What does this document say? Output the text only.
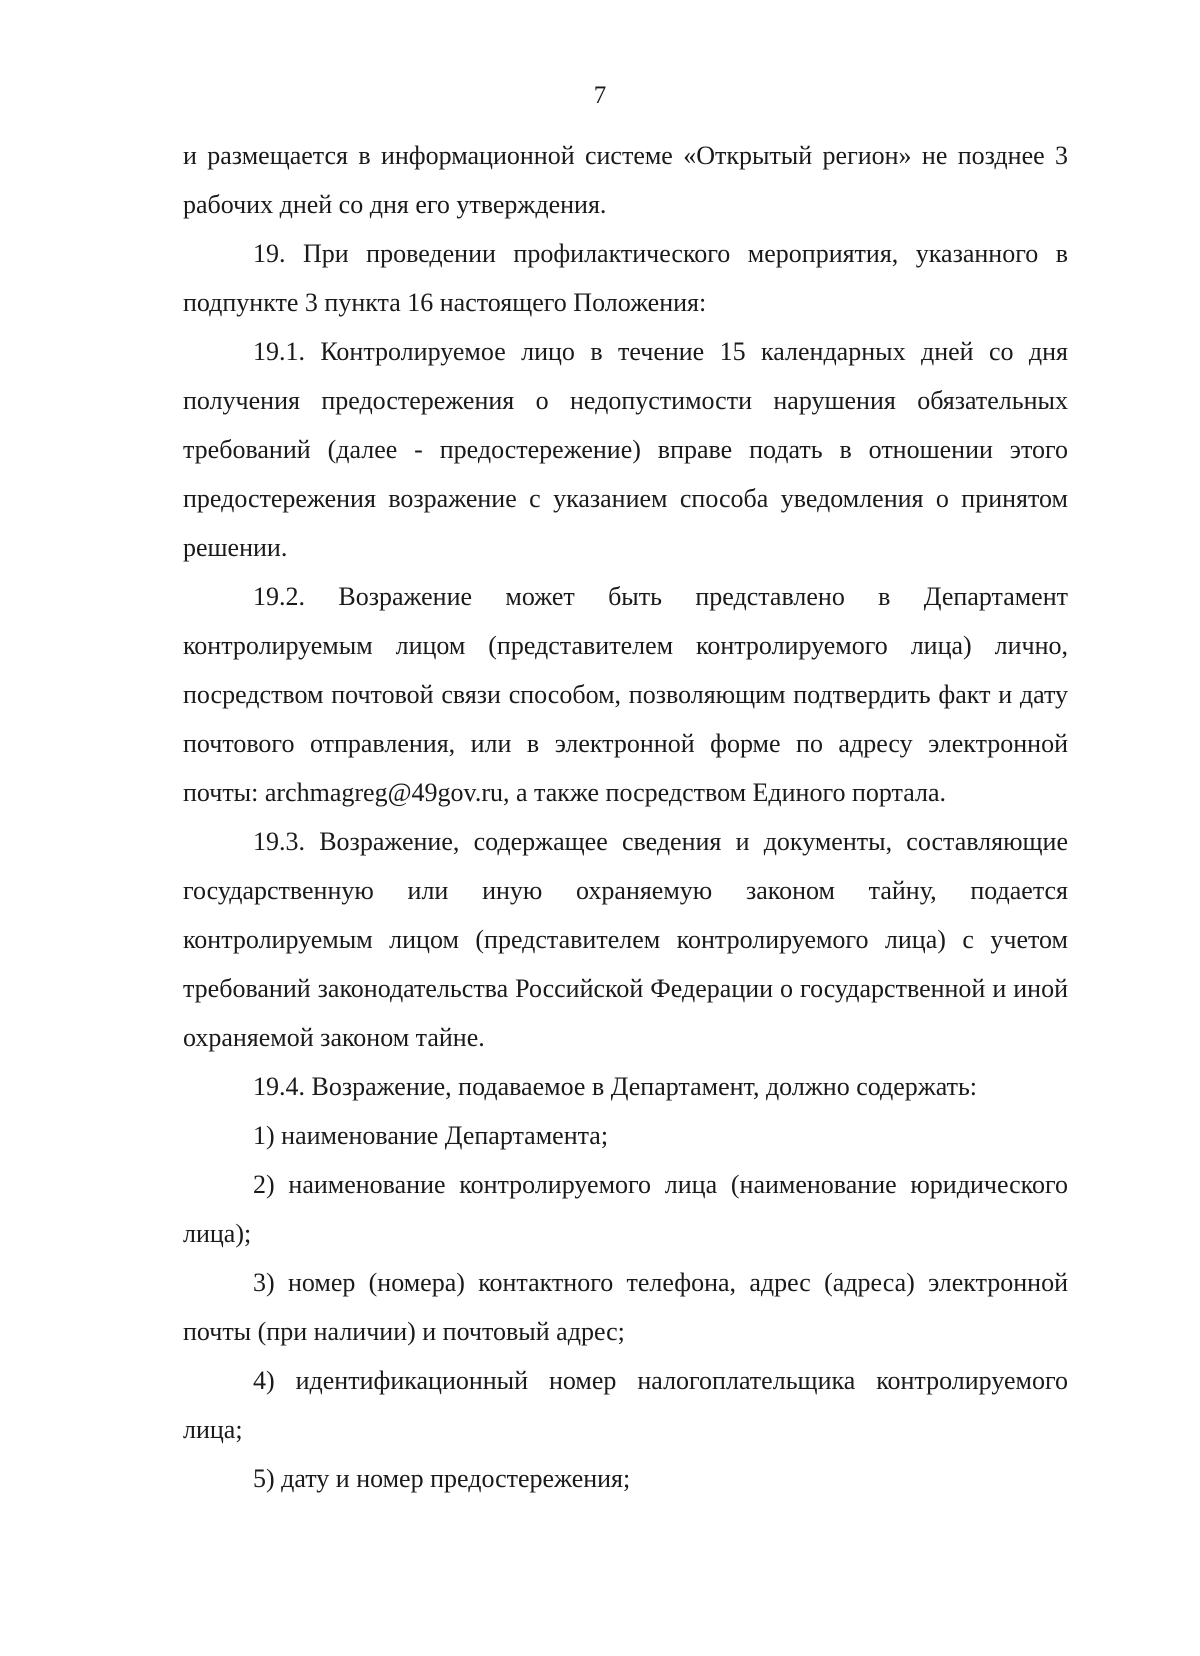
7

и размещается в информационной системе «Открытый регион» не позднее 3 рабочих дней со дня его утверждения.

19. При проведении профилактического мероприятия, указанного в подпункте 3 пункта 16 настоящего Положения:

19.1. Контролируемое лицо в течение 15 календарных дней со дня получения предостережения о недопустимости нарушения обязательных требований (далее - предостережение) вправе подать в отношении этого предостережения возражение с указанием способа уведомления о принятом решении.

19.2. Возражение может быть представлено в Департамент контролируемым лицом (представителем контролируемого лица) лично, посредством почтовой связи способом, позволяющим подтвердить факт и дату почтового отправления, или в электронной форме по адресу электронной почты: archmagreg@49gov.ru, а также посредством Единого портала.

19.3. Возражение, содержащее сведения и документы, составляющие государственную или иную охраняемую законом тайну, подается контролируемым лицом (представителем контролируемого лица) с учетом требований законодательства Российской Федерации о государственной и иной охраняемой законом тайне.

19.4. Возражение, подаваемое в Департамент, должно содержать:

1) наименование Департамента;

2) наименование контролируемого лица (наименование юридического лица);

3) номер (номера) контактного телефона, адрес (адреса) электронной почты (при наличии) и почтовый адрес;

4) идентификационный номер налогоплательщика контролируемого лица;

5) дату и номер предостережения;
